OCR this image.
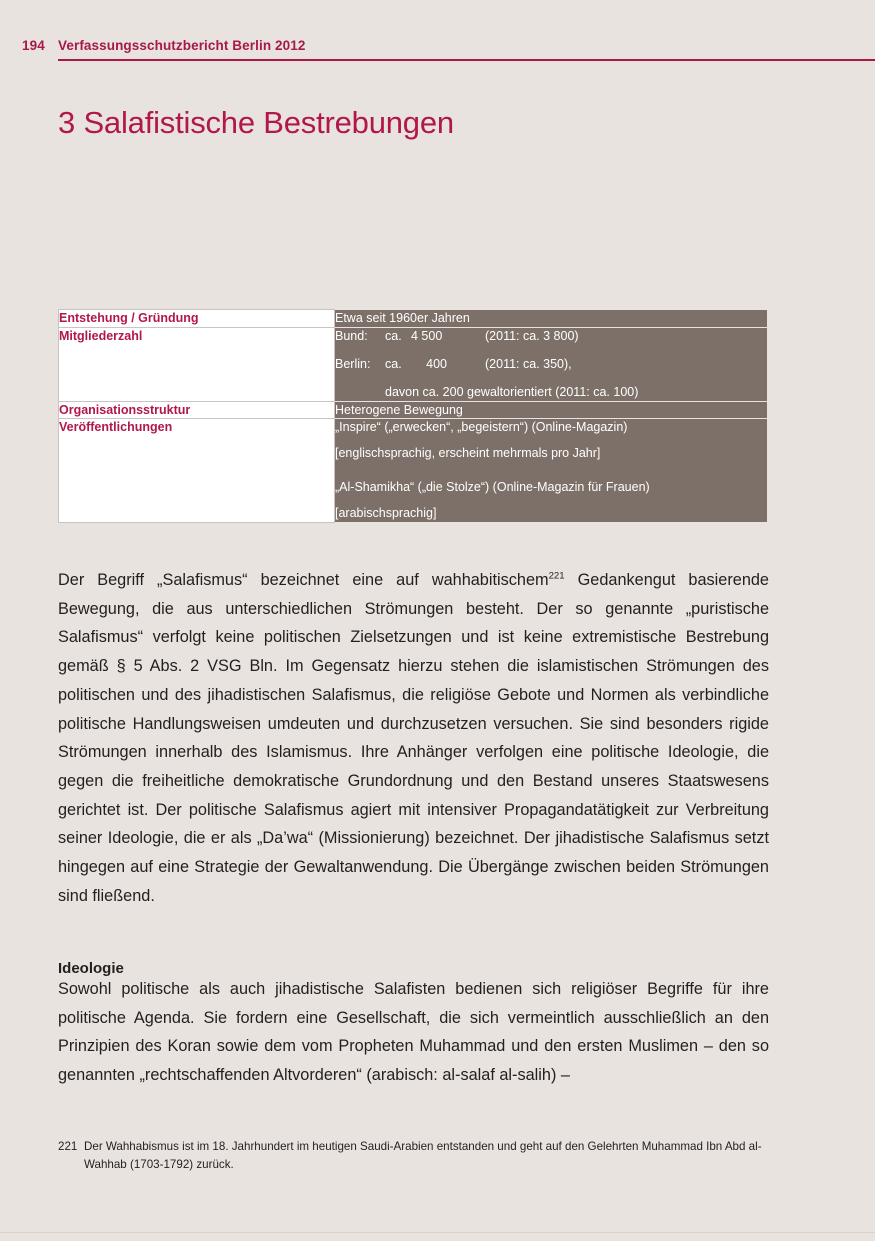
194 Verfassungsschutzbericht Berlin 2012
3 Salafistische Bestrebungen
Entstehung / Gründung	Etwa seit 1960er Jahren

Mitgliederzahl	Bund: ca. 4 500 (2011: ca. 3 800)
Berlin: ca. 400 (2011: ca. 350),
davon ca. 200 gewaltorientiert (2011: ca. 100)

Organisationsstruktur	Heterogene Bewegung

Veröffentlichungen	„Inspire“ („erwecken“, „begeistern“) (Online-Magazin)
[englischsprachig, erscheint mehrmals pro Jahr]
„Al-Shamikha“ („die Stolze“) (Online-Magazin für Frauen)
[arabischsprachig]

Der Begriff „Salafismus“ bezeichnet eine auf wahhabitischem$^{221}$ Gedankengut basierende Bewegung, die aus unterschiedlichen Strömungen besteht. Der so genannte „puristische Salafismus“ verfolgt keine politischen Zielsetzungen und ist keine extremistische Bestrebung gemäß § 5 Abs. 2 VSG Bln. Im Gegensatz hierzu stehen die islamistischen Strömungen des politischen und des jihadistischen Salafismus, die religiöse Gebote und Normen als verbindliche politische Handlungsweisen umdeuten und durchzusetzen versuchen. Sie sind besonders rigide Strömungen innerhalb des Islamismus. Ihre Anhänger verfolgen eine politische Ideologie, die gegen die freiheitliche demokratische Grundordnung und den Bestand unseres Staatswesens gerichtet ist. Der politische Salafismus agiert mit intensiver Propagandatätigkeit zur Verbreitung seiner Ideologie, die er als „Da’wa“ (Missionierung) bezeichnet. Der jihadistische Salafismus setzt hingegen auf eine Strategie der Gewaltanwendung. Die Übergänge zwischen beiden Strömungen sind fließend.

Ideologie

Sowohl politische als auch jihadistische Salafisten bedienen sich religiöser Begriffe für ihre politische Agenda. Sie fordern eine Gesellschaft, die sich vermeintlich ausschließlich an den Prinzipien des Koran sowie dem vom Propheten Muhammad und den ersten Muslimen – den so genannten „rechtschaffenden Altvorderen“ (arabisch: al-salaf al-salih) –

221 Der Wahhabismus ist im 18. Jahrhundert im heutigen Saudi-Arabien entstanden und geht auf den Gelehrten Muhammad Ibn Abd al-Wahhab (1703-1792) zurück.
